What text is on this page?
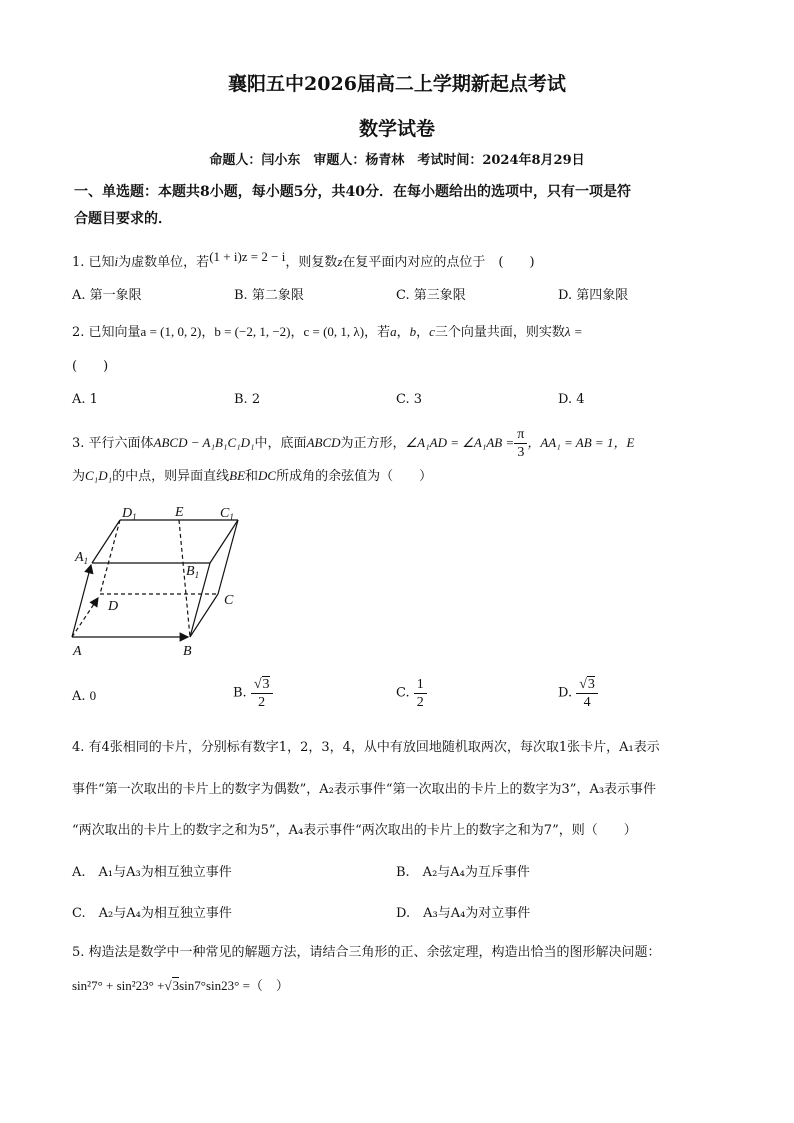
襄阳五中2026届高二上学期新起点考试
数学试卷
命题人：闫小东　审题人：杨青林　考试时间：2024年8月29日
一、单选题：本题共8小题，每小题5分，共40分．在每小题给出的选项中，只有一项是符
合题目要求的．
1. 已知i为虚数单位，若(1 + i)z = 2 − i，则复数z在复平面内对应的点位于　(　　)
A. 第一象限	B. 第二象限	C. 第三象限	D. 第四象限
2. 已知向量a = (1, 0, 2)，b = (−2, 1, −2)，c = (0, 1, λ)，若a，b，c三个向量共面，则实数λ =
(　　)
A. 1	B. 2	C. 3	D. 4
3. 平行六面体ABCD − A₁B₁C₁D₁中，底面ABCD为正方形，∠A₁AD = ∠A₁AB = $\frac{\pi}{3}$ ，AA₁ = AB = 1，E
为C₁D₁的中点，则异面直线BE和DC所成角的余弦值为（　　）
$D_1$	E	$C_1$
$A_1$
$B_1$
D	C
A	B
A. 0	B. $\frac{√3}{2}$	C. $\frac{1}{2}$	D. $\frac{√3}{4}$
4. 有4张相同的卡片，分别标有数字1，2，3，4，从中有放回地随机取两次，每次取1张卡片，A₁表示
事件“第一次取出的卡片上的数字为偶数”，A₂表示事件“第一次取出的卡片上的数字为3”，A₃表示事件
“两次取出的卡片上的数字之和为5”，A₄表示事件“两次取出的卡片上的数字之和为7”，则（　　）
A.　A₁与A₃为相互独立事件	B.　A₂与A₄为互斥事件
C.　A₂与A₄为相互独立事件	D.　A₃与A₄为对立事件
5. 构造法是数学中一种常见的解题方法，请结合三角形的正、余弦定理，构造出恰当的图形解决问题：
sin²7° + sin²23° +√3sin7°sin23° =（　）
